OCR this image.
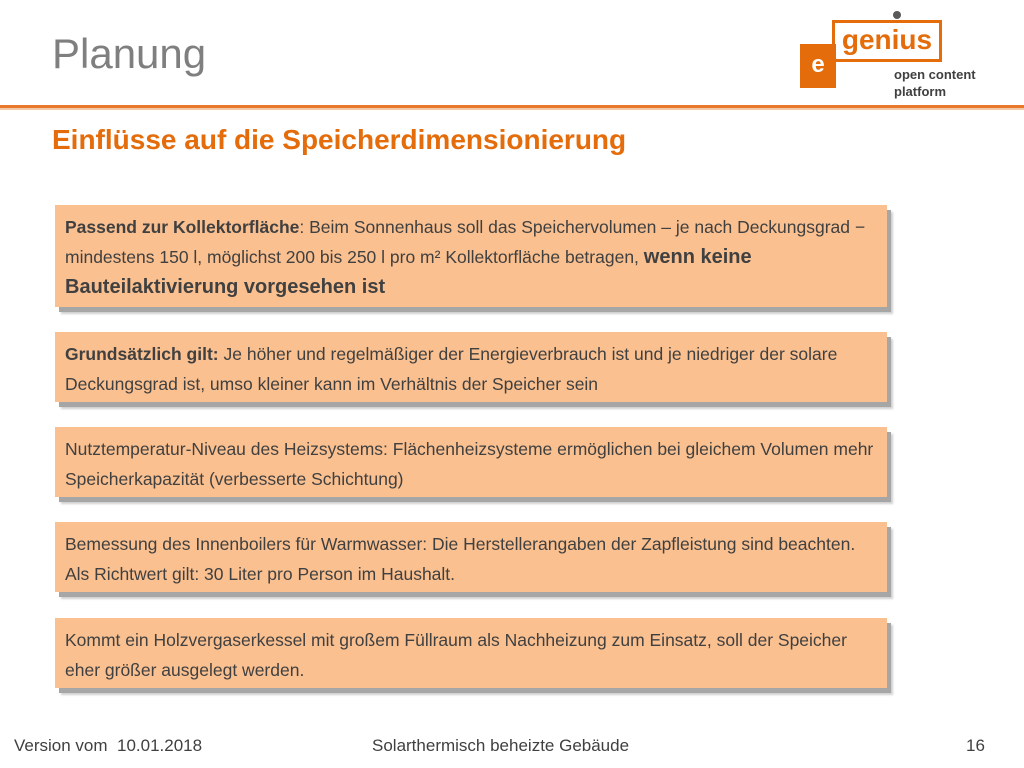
Planung	genius
e	open content
platform
Einflüsse auf die Speicherdimensionierung
Passend zur Kollektorfläche: Beim Sonnenhaus soll das Speichervolumen – je nach Deckungsgrad − mindestens 150 l, möglichst 200 bis 250 l pro m² Kollektorfläche betragen, wenn keine Bauteilaktivierung vorgesehen ist
Grundsätzlich gilt: Je höher und regelmäßiger der Energieverbrauch ist und je niedriger der solare Deckungsgrad ist, umso kleiner kann im Verhältnis der Speicher sein
Nutztemperatur-Niveau des Heizsystems: Flächenheizsysteme ermöglichen bei gleichem Volumen mehr Speicherkapazität (verbesserte Schichtung)
Bemessung des Innenboilers für Warmwasser: Die Herstellerangaben der Zapfleistung sind beachten. Als Richtwert gilt: 30 Liter pro Person im Haushalt.
Kommt ein Holzvergaserkessel mit großem Füllraum als Nachheizung zum Einsatz, soll der Speicher eher größer ausgelegt werden.
Version vom  10.01.2018	Solarthermisch beheizte Gebäude	16
